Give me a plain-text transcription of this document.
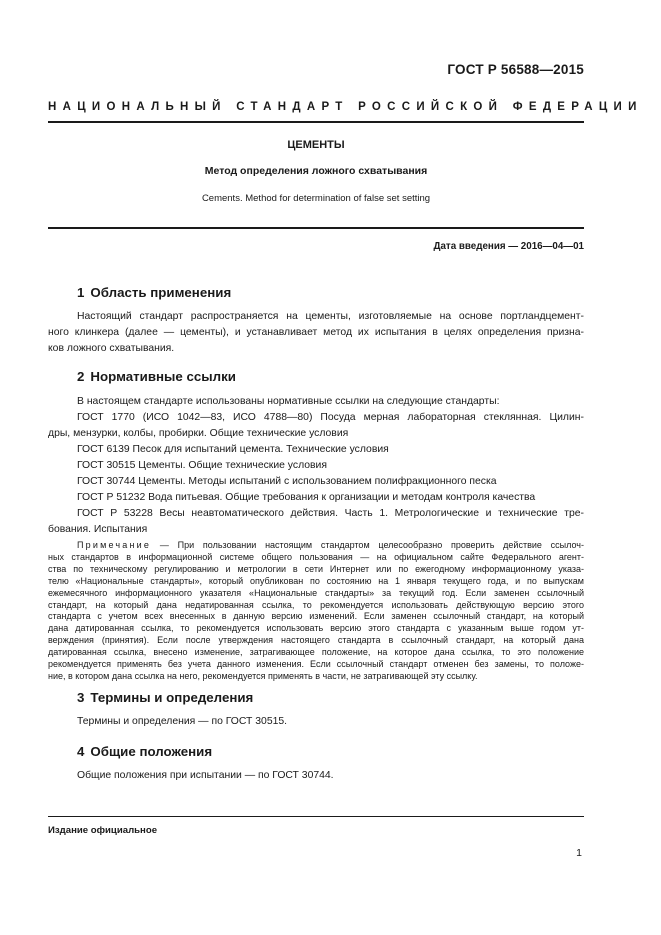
ГОСТ Р 56588—2015
НАЦИОНАЛЬНЫЙ СТАНДАРТ РОССИЙСКОЙ ФЕДЕРАЦИИ
ЦЕМЕНТЫ
Метод определения ложного схватывания
Cements. Method for determination of false set setting
Дата введения — 2016—04—01
1 Область применения
Настоящий стандарт распространяется на цементы, изготовляемые на основе портландцемент-
ного клинкера (далее — цементы), и устанавливает метод их испытания в целях определения призна-
ков ложного схватывания.
2 Нормативные ссылки
В настоящем стандарте использованы нормативные ссылки на следующие стандарты:
ГОСТ 1770 (ИСО 1042—83, ИСО 4788—80) Посуда мерная лабораторная стеклянная. Цилин-
дры, мензурки, колбы, пробирки. Общие технические условия
ГОСТ 6139 Песок для испытаний цемента. Технические условия
ГОСТ 30515 Цементы. Общие технические условия
ГОСТ 30744 Цементы. Методы испытаний с использованием полифракционного песка
ГОСТ Р 51232 Вода питьевая. Общие требования к организации и методам контроля качества
ГОСТ Р 53228 Весы неавтоматического действия. Часть 1. Метрологические и технические тре-
бования. Испытания
Примечание — При пользовании настоящим стандартом целесообразно проверить действие ссылоч-
ных стандартов в информационной системе общего пользования — на официальном сайте Федерального агент-
ства по техническому регулированию и метрологии в сети Интернет или по ежегодному информационному указа-
телю «Национальные стандарты», который опубликован по состоянию на 1 января текущего года, и по выпускам
ежемесячного информационного указателя «Национальные стандарты» за текущий год. Если заменен ссылочный
стандарт, на который дана недатированная ссылка, то рекомендуется использовать действующую версию этого
стандарта с учетом всех внесенных в данную версию изменений. Если заменен ссылочный стандарт, на который
дана датированная ссылка, то рекомендуется использовать версию этого стандарта с указанным выше годом ут-
верждения (принятия). Если после утверждения настоящего стандарта в ссылочный стандарт, на который дана
датированная ссылка, внесено изменение, затрагивающее положение, на которое дана ссылка, то это положение
рекомендуется применять без учета данного изменения. Если ссылочный стандарт отменен без замены, то положе-
ние, в котором дана ссылка на него, рекомендуется применять в части, не затрагивающей эту ссылку.
3 Термины и определения
Термины и определения — по ГОСТ 30515.
4 Общие положения
Общие положения при испытании — по ГОСТ 30744.
Издание официальное
1
